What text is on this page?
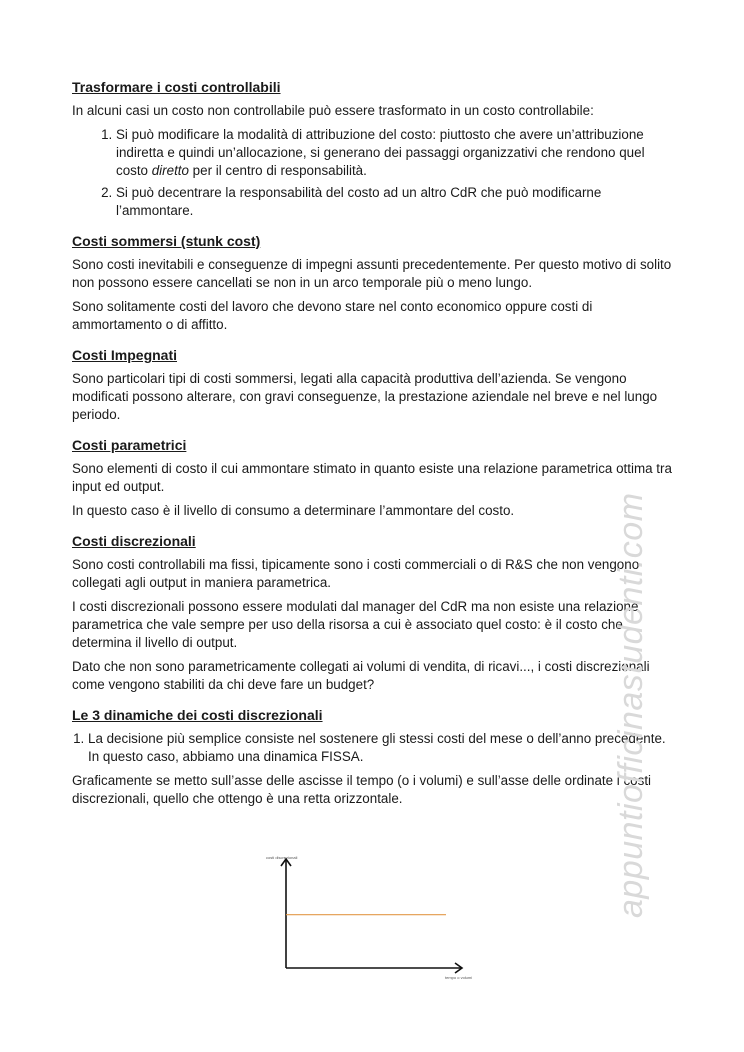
Trasformare i costi controllabili

In alcuni casi un costo non controllabile può essere trasformato in un costo controllabile:

1. Si può modificare la modalità di attribuzione del costo: piuttosto che avere un’attribuzione indiretta e quindi un’allocazione, si generano dei passaggi organizzativi che rendono quel costo diretto per il centro di responsabilità.
2. Si può decentrare la responsabilità del costo ad un altro CdR che può modificarne l’ammontare.
Costi sommersi (stunk cost)

Sono costi inevitabili e conseguenze di impegni assunti precedentemente. Per questo motivo di solito non possono essere cancellati se non in un arco temporale più o meno lungo.

Sono solitamente costi del lavoro che devono stare nel conto economico oppure costi di ammortamento o di affitto.

Costi Impegnati

Sono particolari tipi di costi sommersi, legati alla capacità produttiva dell’azienda. Se vengono modificati possono alterare, con gravi conseguenze, la prestazione aziendale nel breve e nel lungo periodo.

Costi parametrici

Sono elementi di costo il cui ammontare stimato in quanto esiste una relazione parametrica ottima tra input ed output.

In questo caso è il livello di consumo a determinare l’ammontare del costo.

Costi discrezionali

Sono costi controllabili ma fissi, tipicamente sono i costi commerciali o di R&S che non vengono collegati agli output in maniera parametrica.

I costi discrezionali possono essere modulati dal manager del CdR ma non esiste una relazione parametrica che vale sempre per uso della risorsa a cui è associato quel costo: è il costo che determina il livello di output.

Dato che non sono parametricamente collegati ai volumi di vendita, di ricavi..., i costi discrezionali come vengono stabiliti da chi deve fare un budget?

Le 3 dinamiche dei costi discrezionali
1. La decisione più semplice consiste nel sostenere gli stessi costi del mese o dell’anno precedente. In questo caso, abbiamo una dinamica FISSA.

Graficamente se metto sull’asse delle ascisse il tempo (o i volumi) e sull’asse delle ordinate i costi discrezionali, quello che ottengo è una retta orizzontale.

costi discrezionali
tempo o volumi
appuntiofficinastudenti.com
